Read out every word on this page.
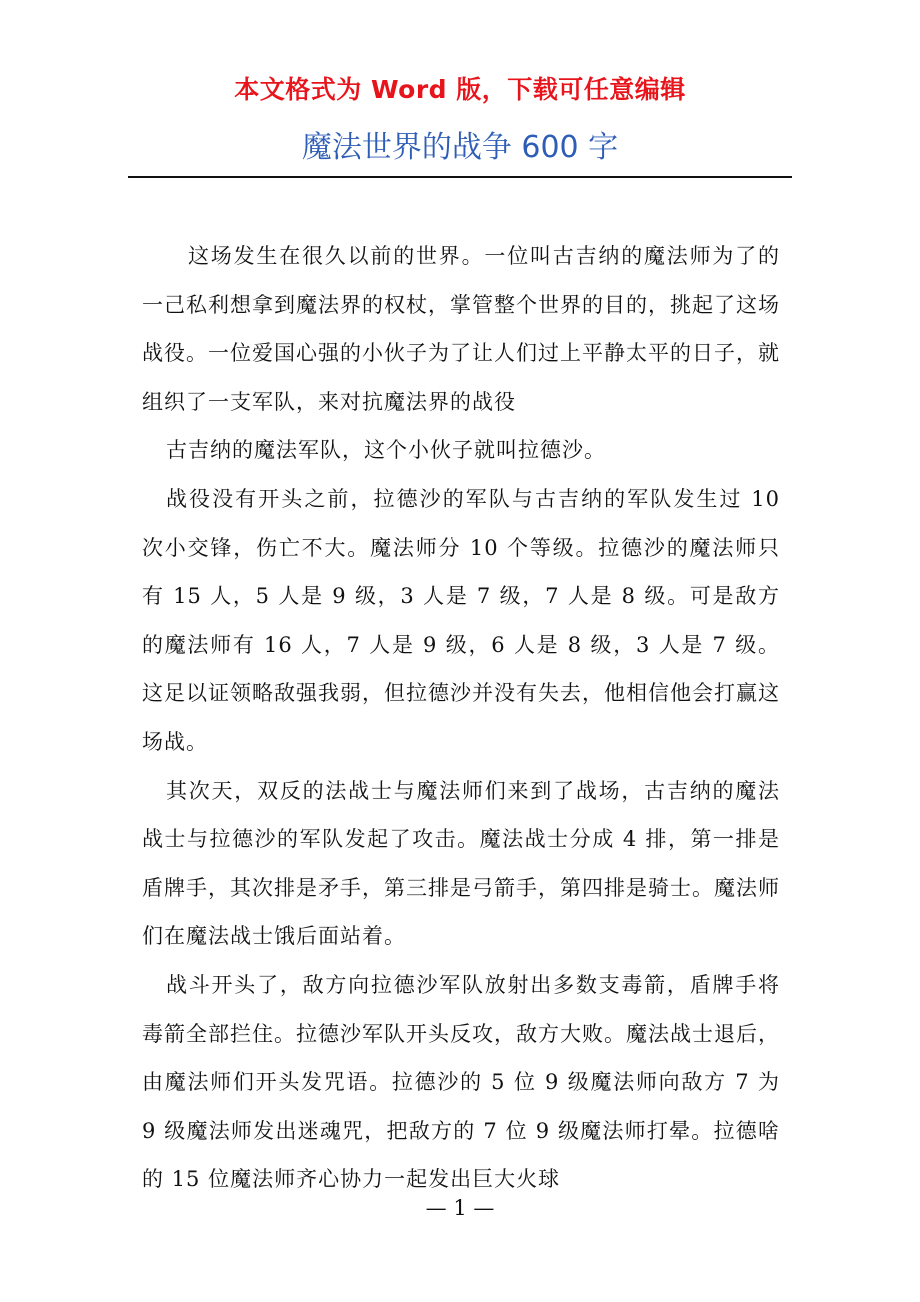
本文格式为 Word 版，下载可任意编辑
魔法世界的战争 600 字

这场发生在很久以前的世界。一位叫古吉纳的魔法师为了的一己私利想拿到魔法界的权杖，掌管整个世界的目的，挑起了这场战役。一位爱国心强的小伙子为了让人们过上平静太平的日子，就组织了一支军队，来对抗魔法界的战役

古吉纳的魔法军队，这个小伙子就叫拉德沙。

战役没有开头之前，拉德沙的军队与古吉纳的军队发生过 10 次小交锋，伤亡不大。魔法师分 10 个等级。拉德沙的魔法师只有 15 人，5 人是 9 级，3 人是 7 级，7 人是 8 级。可是敌方的魔法师有 16 人，7 人是 9 级，6 人是 8 级，3 人是 7 级。这足以证领略敌强我弱，但拉德沙并没有失去，他相信他会打赢这场战。

其次天，双反的法战士与魔法师们来到了战场，古吉纳的魔法战士与拉德沙的军队发起了攻击。魔法战士分成 4 排，第一排是盾牌手，其次排是矛手，第三排是弓箭手，第四排是骑士。魔法师们在魔法战士饿后面站着。

战斗开头了，敌方向拉德沙军队放射出多数支毒箭，盾牌手将毒箭全部拦住。拉德沙军队开头反攻，敌方大败。魔法战士退后，由魔法师们开头发咒语。拉德沙的 5 位 9 级魔法师向敌方 7 为 9 级魔法师发出迷魂咒，把敌方的 7 位 9 级魔法师打晕。拉德啥的 15 位魔法师齐心协力一起发出巨大火球

— 1 —
